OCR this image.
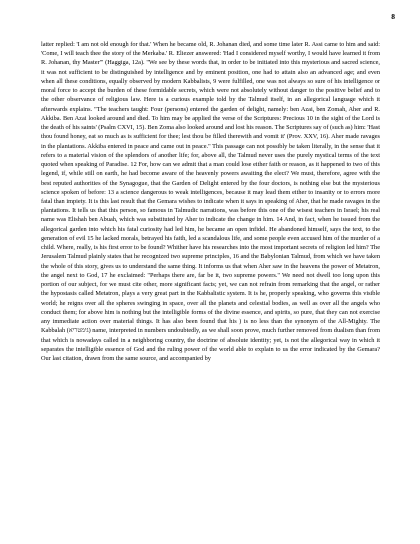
8

latter replied: 'I am not old enough for that.' When he became old, R. Johanan died, and some time later R. Assi came to him and said: 'Come, I will teach thee the story of the Merkaba.' R. Eliezer answered: 'Had I considered myself worthy, I would have learned it from R. Johanan, thy Master'" (Haggiga, 12a). "We see by these words that, in order to be initiated into this mysterious and sacred science, it was not sufficient to be distinguished by intelligence and by eminent position, one had to attain also an advanced age; and even when all these conditions, equally observed by modern Kabbalists, 9 were fulfilled, one was not always so sure of his intelligence or moral force to accept the burden of these formidable secrets, which were not absolutely without danger to the positive belief and to the other observance of religious law. Here is a curious example told by the Talmud itself, in an allegorical language which it afterwards explains. "The teachers taught: Four (persons) entered the garden of delight, namely: ben Azai, ben Zomah, Aher and R. Akkiba. Ben Azai looked around and died. To him may be applied the verse of the Scriptures: Precious 10 in the sight of the Lord is the death of his saints' (Psalm CXVI, 15). Ben Zoma also looked around and lost his reason. The Scriptures say of (such as) him: 'Hast thou found honey, eat so much as is sufficient for thee; lest thou be filled therewith and vomit it' (Prov. XXV, 16). Aher made ravages in the plantations. Akkiba entered in peace and came out in peace." This passage can not possibly be taken literally, in the sense that it refers to a material vision of the splendors of another life; for, above all, the Talmud never uses the purely mystical terms of the text quoted when speaking of Paradise. 12 For, how can we admit that a man could lose either faith or reason, as it happened to two of this legend, if, while still on earth, he had become aware of the heavenly powers awaiting the elect? We must, therefore, agree with the best reputed authorities of the Synagogue, that the Garden of Delight entered by the four doctors, is nothing else but the mysterious science spoken of before: 13 a science dangerous to weak intelligences, because it may lead them either to insanity or to errors more fatal than impiety. It is this last result that the Gemara wishes to indicate when it says in speaking of Aher, that he made ravages in the plantations. It tells us that this person, so famous in Talmudic narrations, was before this one of the wisest teachers in Israel; his real name was Elishah ben Abuah, which was substituted by Aher to indicate the change in him. 14 And, in fact, when he issued from the allegorical garden into which his fatal curiosity had led him, he became an open infidel. He abandoned himself, says the text, to the generation of evil 15 he lacked morals, betrayed his faith, led a scandalous life, and some people even accused him of the murder of a child. Where, really, is his first error to be found? Whither have his researches into the most important secrets of religion led him? The Jerusalem Talmud plainly states that he recognized two supreme principles, 16 and the Babylonian Talmud, from which we have taken the whole of this story, gives us to understand the same thing. It informs us that when Aher saw in the heavens the power of Metatron, the angel next to God, 17 he exclaimed: "Perhaps there are, far be it, two supreme powers." We need not dwell too long upon this portion of our subject, for we must cite other, more significant facts; yet, we can not refrain from remarking that the angel, or rather the hypostasis called Metatron, plays a very great part in the Kabbalistic system. It is he, properly speaking, who governs this visible world; he reigns over all the spheres swinging in space, over all the planets and celestial bodies, as well as over all the angels who conduct them; for above him is nothing but the intelligible forms of the divine essence, and spirits, so pure, that they can not exercise any immediate action over material things. It has also been found that his ) is no less than the synonym of the All-Mighty. The Kabbalah (גימטריא) name, interpreted in numbers undoubtedly, as we shall soon prove, much further removed from dualism than from that which is nowadays called in a neighboring country, the doctrine of absolute identity; yet, is not the allegorical way in which it separates the intelligible essence of God and the ruling power of the world able to explain to us the error indicated by the Gemara? Our last citation, drawn from the same source, and accompanied by
